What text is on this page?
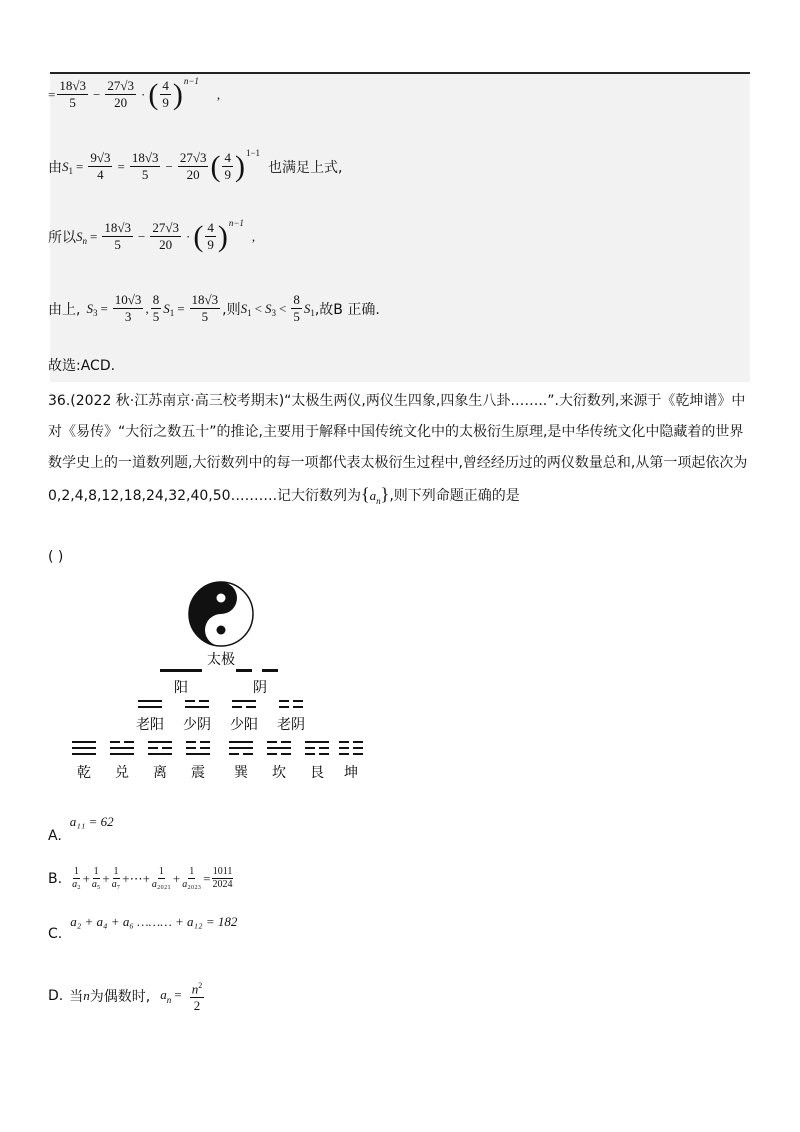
= $\frac{18√3}{5} - \frac{27√3}{20}$ · ( $\frac{4}{9}$ ) n−1
,
由 S $1 = \frac{9√3}{4} = \frac{18√3}{5} - \frac{27√3}{20}$ ( $\frac{4}{9}$ ) 1−1
也满足上式,
所以 S $n = \frac{18√3}{5} - \frac{27√3}{20}$ · ( $\frac{4}{9}$ ) n−1
,
由上, S $3 = \frac{10√3}{3}$ , $\frac{8}{5}$ S $1 = \frac{18√3}{5}$ ,则 S 1 < S $3 < \frac{8}{5}$ S 1 ,故B 正确.
故选:ACD.
36.(2022 秋·江苏南京·高三校考期末)“太极生两仪,两仪生四象,四象生八卦……..”.大衍数列,来源于《乾坤谱》中对《易传》“大衍之数五十”的推论,主要用于解释中国传统文化中的太极衍生原理,是中华传统文化中隐藏着的世界数学史上的一道数列题,大衍数列中的每一项都代表太极衍生过程中,曾经经历过的两仪数量总和,从第一项起依次为0,2,4,8,12,18,24,32,40,50……….记大衍数列为$\{a_n\}$,则下列命题正确的是
( )
太极
阳	阴
老阳 少阴 少阳 老阴
乾 兑 离 震 巽 坎 艮 坤
A.
a₁₁ = 62
B. 1
a₂ + 1
a₅ + 1
a₇ +⋯+ 1
a₂₀₂₁ + 1
a₂₀₂₃ = 1011
2024
C.
a₂ + a₄ + a₆ ……… + a₁₂ = 182
D. 当 n 为偶数时, $a_n = \frac{n^2}{2}$
